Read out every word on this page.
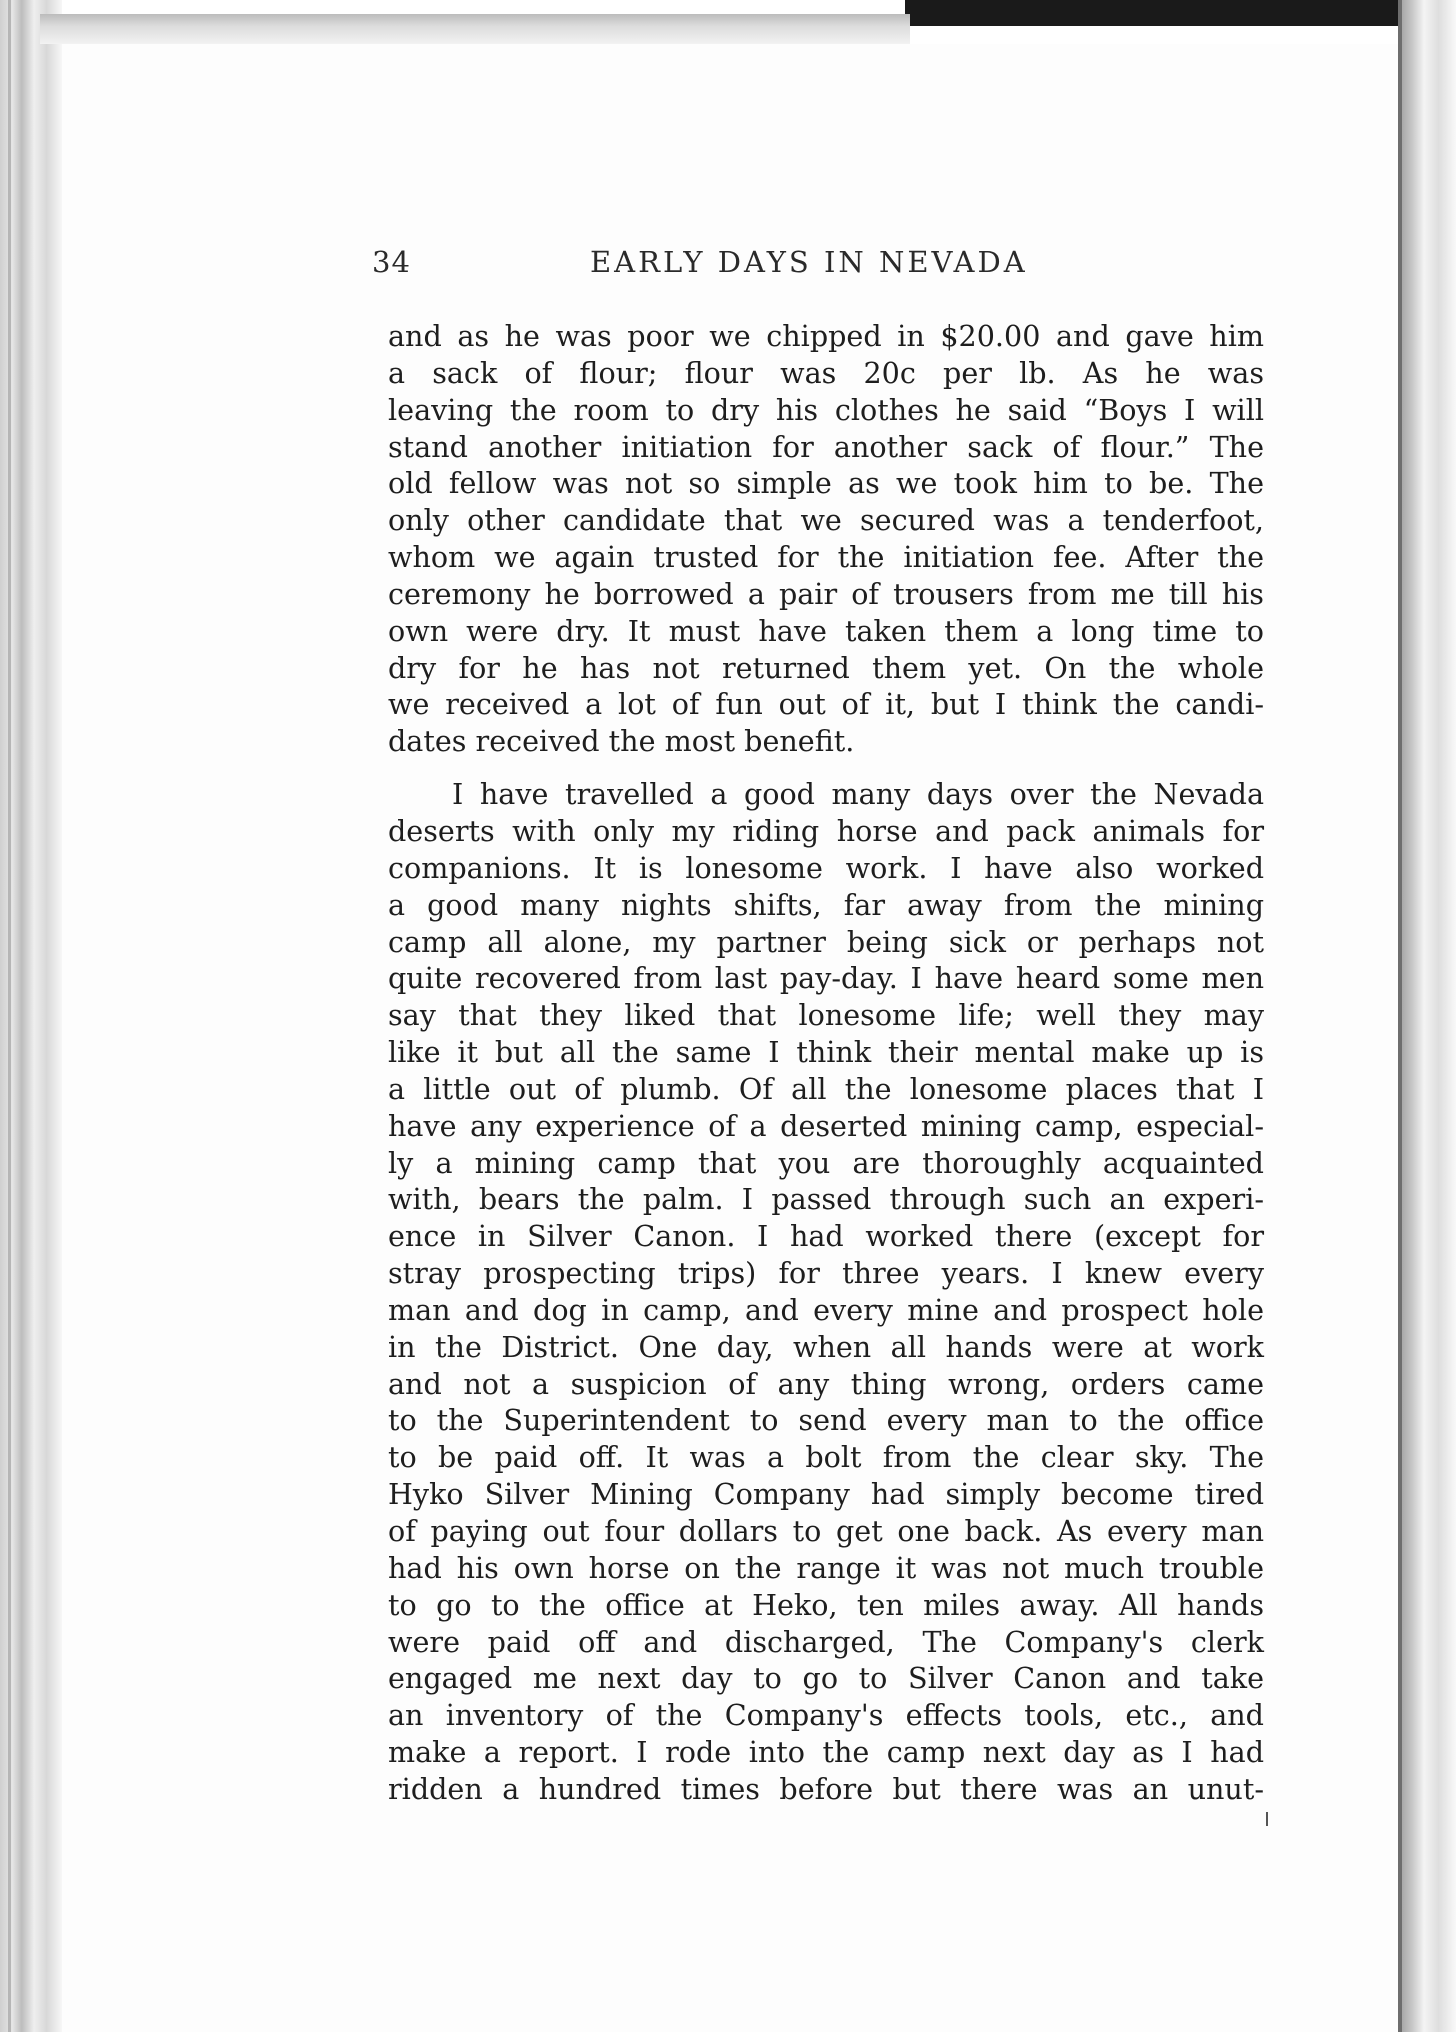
34	EARLY DAYS IN NEVADA

and as he was poor we chipped in $20.00 and gave him

a sack of flour; flour was 20c per lb. As he was

leaving the room to dry his clothes he said “Boys I will

stand another initiation for another sack of flour.” The

old fellow was not so simple as we took him to be. The

only other candidate that we secured was a tenderfoot,

whom we again trusted for the initiation fee. After the

ceremony he borrowed a pair of trousers from me till his

own were dry. It must have taken them a long time to

dry for he has not returned them yet. On the whole

we received a lot of fun out of it, but I think the candi-

dates received the most benefit.

I have travelled a good many days over the Nevada

deserts with only my riding horse and pack animals for

companions. It is lonesome work. I have also worked

a good many nights shifts, far away from the mining

camp all alone, my partner being sick or perhaps not

quite recovered from last pay-day. I have heard some men

say that they liked that lonesome life; well they may

like it but all the same I think their mental make up is

a little out of plumb. Of all the lonesome places that I

have any experience of a deserted mining camp, especial-

ly a mining camp that you are thoroughly acquainted

with, bears the palm. I passed through such an experi-

ence in Silver Canon. I had worked there (except for

stray prospecting trips) for three years. I knew every

man and dog in camp, and every mine and prospect hole

in the District. One day, when all hands were at work

and not a suspicion of any thing wrong, orders came

to the Superintendent to send every man to the office

to be paid off. It was a bolt from the clear sky. The

Hyko Silver Mining Company had simply become tired

of paying out four dollars to get one back. As every man

had his own horse on the range it was not much trouble

to go to the office at Heko, ten miles away. All hands

were paid off and discharged, The Company's clerk

engaged me next day to go to Silver Canon and take

an inventory of the Company's effects tools, etc., and

make a report. I rode into the camp next day as I had

ridden a hundred times before but there was an unut-
